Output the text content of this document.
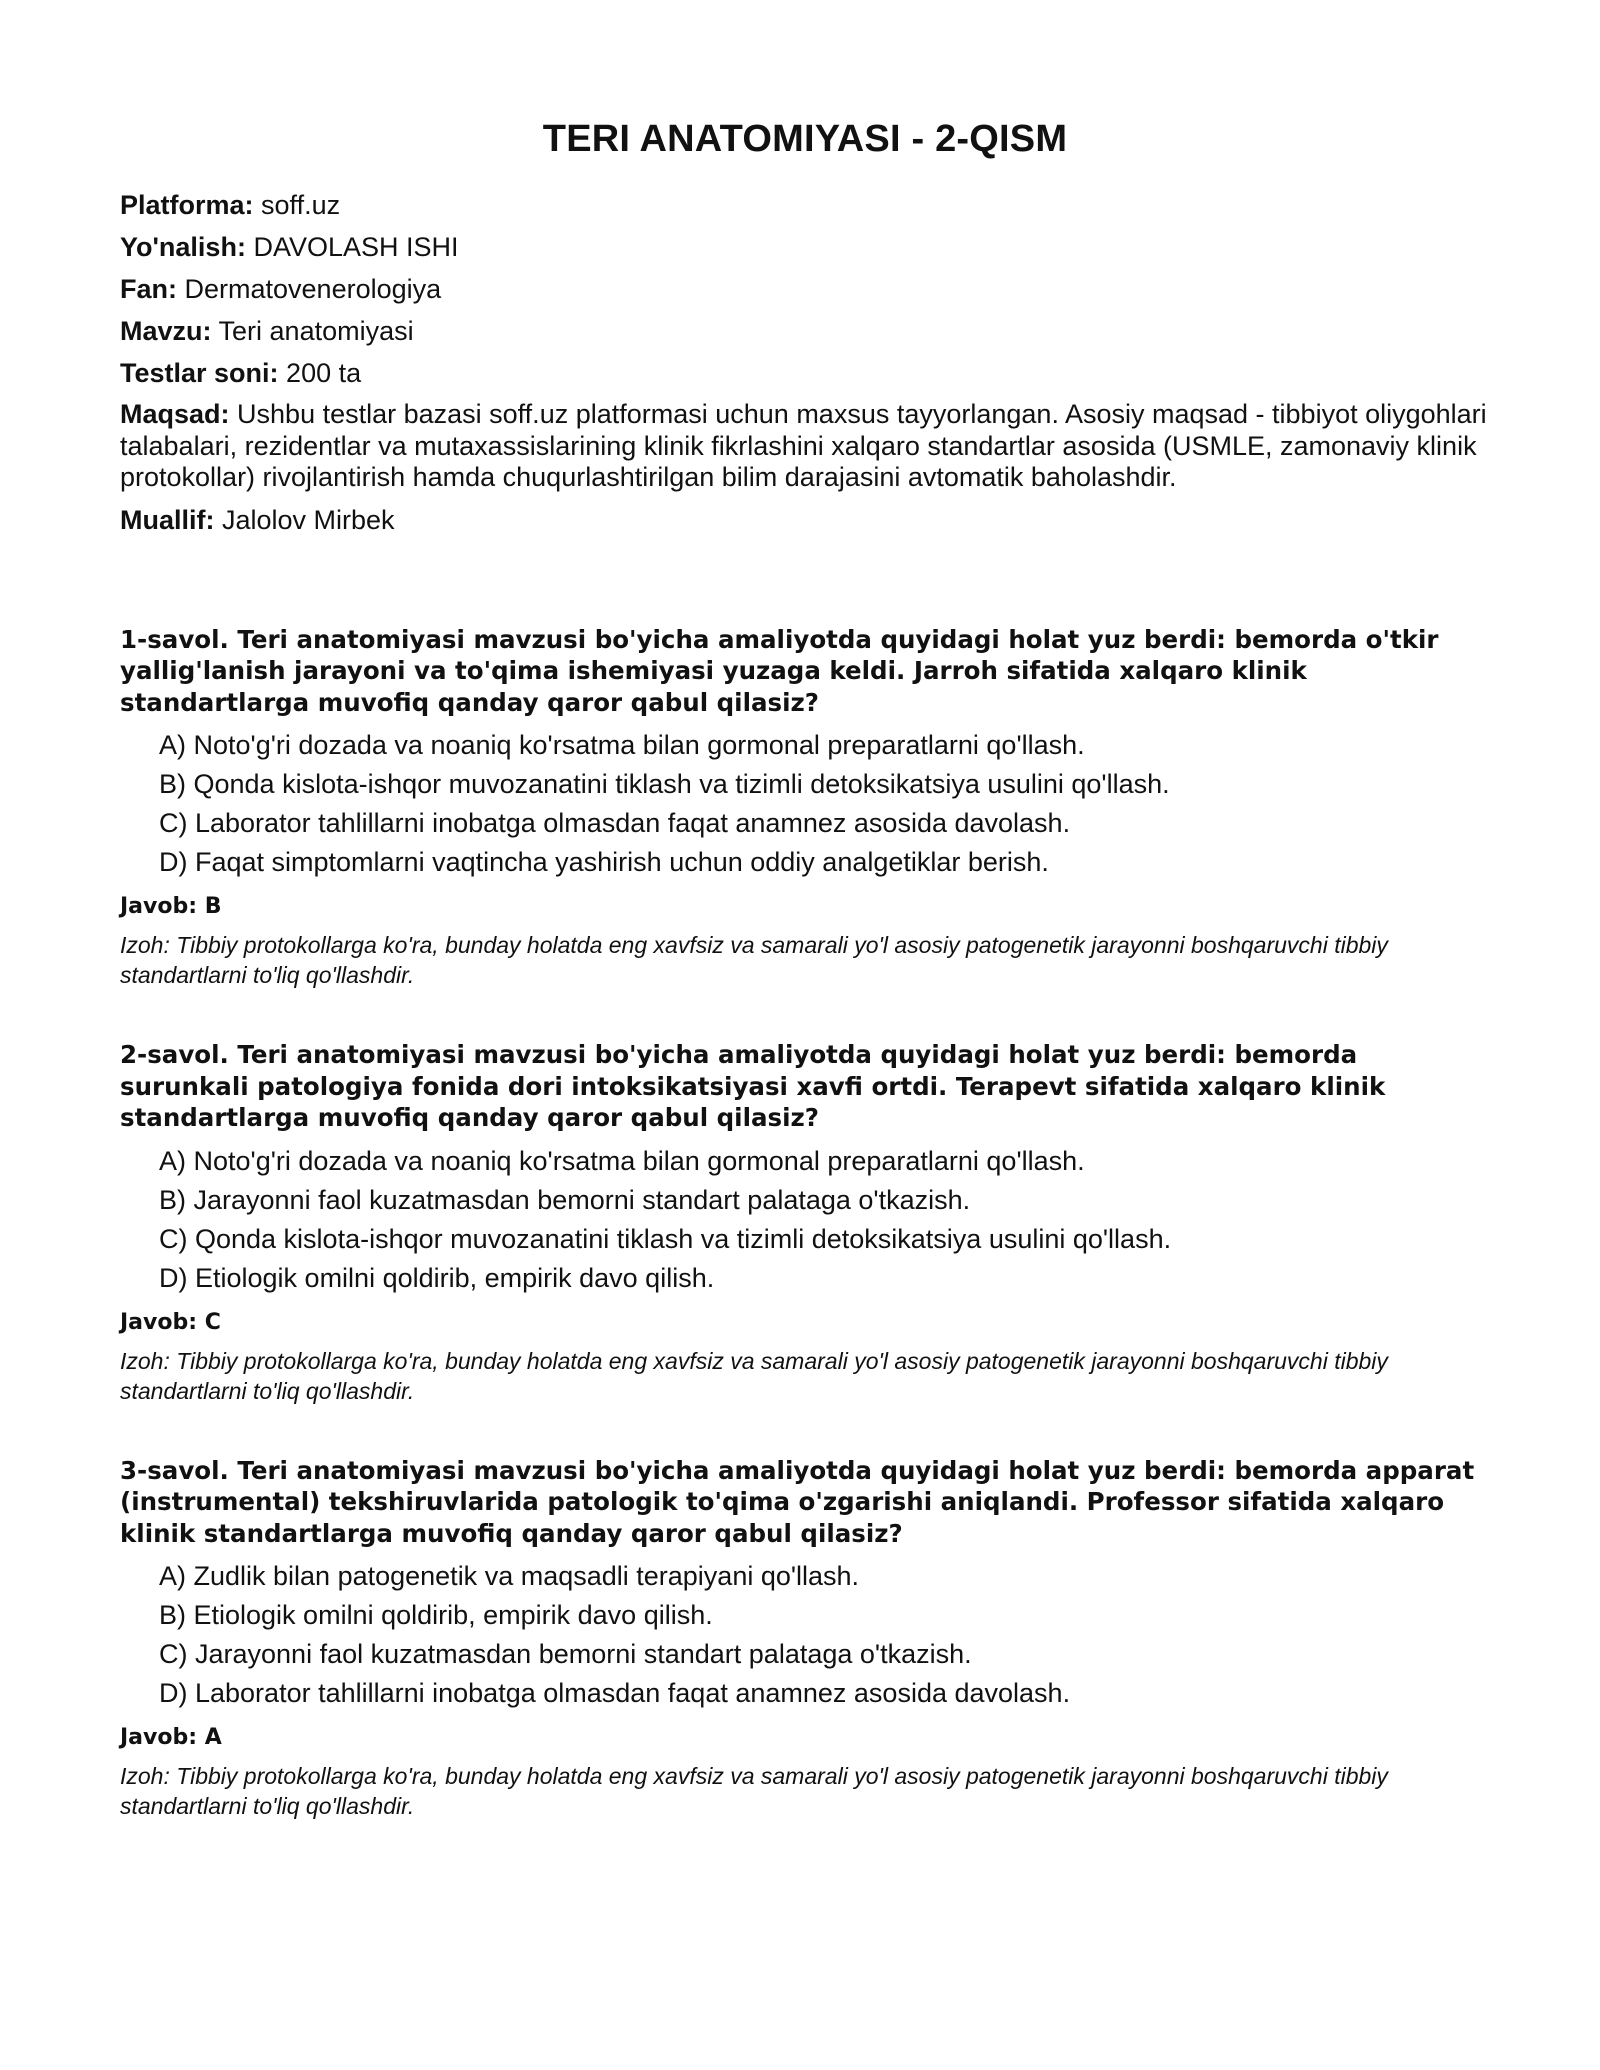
TERI ANATOMIYASI - 2-QISM

Platforma: soff.uz

Yo'nalish: DAVOLASH ISHI

Fan: Dermatovenerologiya

Mavzu: Teri anatomiyasi

Testlar soni: 200 ta

Maqsad: Ushbu testlar bazasi soff.uz platformasi uchun maxsus tayyorlangan. Asosiy maqsad - tibbiyot oliygohlari talabalari, rezidentlar va mutaxassislarining klinik fikrlashini xalqaro standartlar asosida (USMLE, zamonaviy klinik protokollar) rivojlantirish hamda chuqurlashtirilgan bilim darajasini avtomatik baholashdir.

Muallif: Jalolov Mirbek

1-savol. Teri anatomiyasi mavzusi bo'yicha amaliyotda quyidagi holat yuz berdi: bemorda o'tkir yallig'lanish jarayoni va to'qima ishemiyasi yuzaga keldi. Jarroh sifatida xalqaro klinik standartlarga muvofiq qanday qaror qabul qilasiz?

A) Noto'g'ri dozada va noaniq ko'rsatma bilan gormonal preparatlarni qo'llash.
B) Qonda kislota-ishqor muvozanatini tiklash va tizimli detoksikatsiya usulini qo'llash.
C) Laborator tahlillarni inobatga olmasdan faqat anamnez asosida davolash.
D) Faqat simptomlarni vaqtincha yashirish uchun oddiy analgetiklar berish.

Javob: B

Izoh: Tibbiy protokollarga ko'ra, bunday holatda eng xavfsiz va samarali yo'l asosiy patogenetik jarayonni boshqaruvchi tibbiy standartlarni to'liq qo'llashdir.

2-savol. Teri anatomiyasi mavzusi bo'yicha amaliyotda quyidagi holat yuz berdi: bemorda surunkali patologiya fonida dori intoksikatsiyasi xavfi ortdi. Terapevt sifatida xalqaro klinik standartlarga muvofiq qanday qaror qabul qilasiz?

A) Noto'g'ri dozada va noaniq ko'rsatma bilan gormonal preparatlarni qo'llash.
B) Jarayonni faol kuzatmasdan bemorni standart palataga o'tkazish.
C) Qonda kislota-ishqor muvozanatini tiklash va tizimli detoksikatsiya usulini qo'llash.
D) Etiologik omilni qoldirib, empirik davo qilish.

Javob: C

Izoh: Tibbiy protokollarga ko'ra, bunday holatda eng xavfsiz va samarali yo'l asosiy patogenetik jarayonni boshqaruvchi tibbiy standartlarni to'liq qo'llashdir.

3-savol. Teri anatomiyasi mavzusi bo'yicha amaliyotda quyidagi holat yuz berdi: bemorda apparat (instrumental) tekshiruvlarida patologik to'qima o'zgarishi aniqlandi. Professor sifatida xalqaro klinik standartlarga muvofiq qanday qaror qabul qilasiz?

A) Zudlik bilan patogenetik va maqsadli terapiyani qo'llash.
B) Etiologik omilni qoldirib, empirik davo qilish.
C) Jarayonni faol kuzatmasdan bemorni standart palataga o'tkazish.
D) Laborator tahlillarni inobatga olmasdan faqat anamnez asosida davolash.

Javob: A

Izoh: Tibbiy protokollarga ko'ra, bunday holatda eng xavfsiz va samarali yo'l asosiy patogenetik jarayonni boshqaruvchi tibbiy standartlarni to'liq qo'llashdir.
